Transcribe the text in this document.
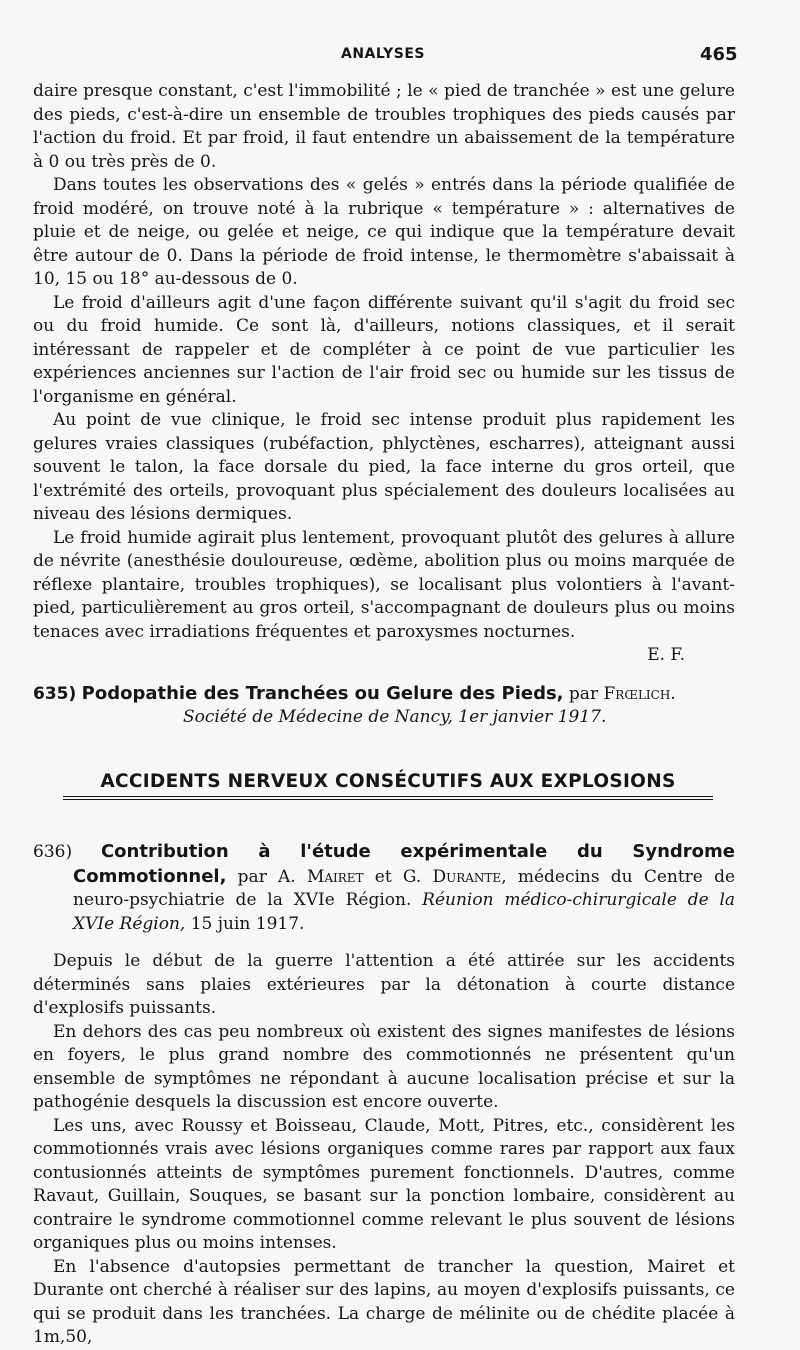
ANALYSES	465

daire presque constant, c'est l'immobilité ; le « pied de tranchée » est une gelure des pieds, c'est-à-dire un ensemble de troubles trophiques des pieds causés par l'action du froid. Et par froid, il faut entendre un abaissement de la température à 0 ou très près de 0.

Dans toutes les observations des « gelés » entrés dans la période qualifiée de froid modéré, on trouve noté à la rubrique « température » : alternatives de pluie et de neige, ou gelée et neige, ce qui indique que la température devait être autour de 0. Dans la période de froid intense, le thermomètre s'abaissait à 10, 15 ou 18° au-dessous de 0.

Le froid d'ailleurs agit d'une façon différente suivant qu'il s'agit du froid sec ou du froid humide. Ce sont là, d'ailleurs, notions classiques, et il serait intéressant de rappeler et de compléter à ce point de vue particulier les expériences anciennes sur l'action de l'air froid sec ou humide sur les tissus de l'organisme en général.

Au point de vue clinique, le froid sec intense produit plus rapidement les gelures vraies classiques (rubéfaction, phlyctènes, escharres), atteignant aussi souvent le talon, la face dorsale du pied, la face interne du gros orteil, que l'extrémité des orteils, provoquant plus spécialement des douleurs localisées au niveau des lésions dermiques.

Le froid humide agirait plus lentement, provoquant plutôt des gelures à allure de névrite (anesthésie douloureuse, œdème, abolition plus ou moins marquée de réflexe plantaire, troubles trophiques), se localisant plus volontiers à l'avant-pied, particulièrement au gros orteil, s'accompagnant de douleurs plus ou moins tenaces avec irradiations fréquentes et paroxysmes nocturnes.

E. F.
635) Podopathie des Tranchées ou Gelure des Pieds, par Frœlich.
Société de Médecine de Nancy, 1er janvier 1917.
ACCIDENTS NERVEUX CONSÉCUTIFS AUX EXPLOSIONS
636) Contribution à l'étude expérimentale du Syndrome Commotionnel, par A. Mairet et G. Durante, médecins du Centre de neuro-psychiatrie de la XVIe Région. Réunion médico-chirurgicale de la XVIe Région, 15 juin 1917.

Depuis le début de la guerre l'attention a été attirée sur les accidents déterminés sans plaies extérieures par la détonation à courte distance d'explosifs puissants.

En dehors des cas peu nombreux où existent des signes manifestes de lésions en foyers, le plus grand nombre des commotionnés ne présentent qu'un ensemble de symptômes ne répondant à aucune localisation précise et sur la pathogénie desquels la discussion est encore ouverte.

Les uns, avec Roussy et Boisseau, Claude, Mott, Pitres, etc., considèrent les commotionnés vrais avec lésions organiques comme rares par rapport aux faux contusionnés atteints de symptômes purement fonctionnels. D'autres, comme Ravaut, Guillain, Souques, se basant sur la ponction lombaire, considèrent au contraire le syndrome commotionnel comme relevant le plus souvent de lésions organiques plus ou moins intenses.

En l'absence d'autopsies permettant de trancher la question, Mairet et Durante ont cherché à réaliser sur des lapins, au moyen d'explosifs puissants, ce qui se produit dans les tranchées. La charge de mélinite ou de chédite placée à 1m,50,
